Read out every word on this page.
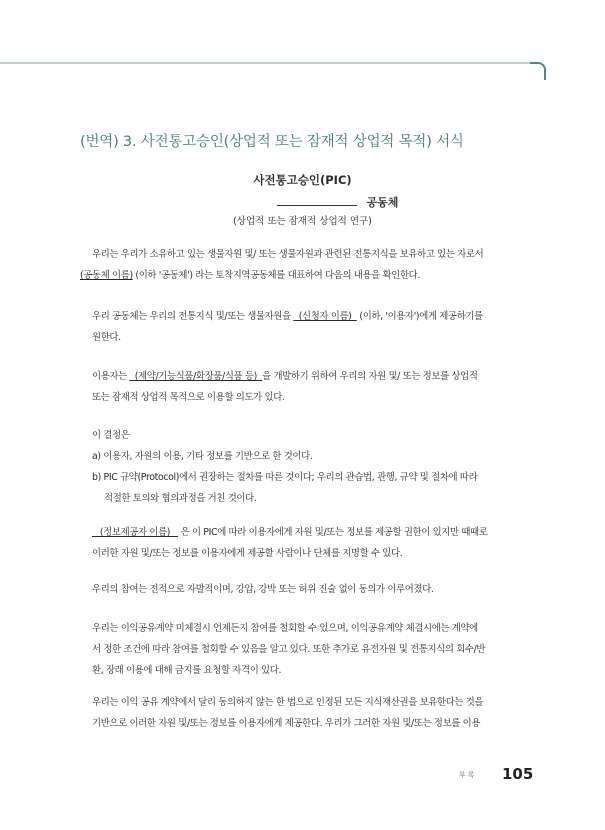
(번역) 3. 사전통고승인(상업적 또는 잠재적 상업적 목적) 서식
사전통고승인(PIC)
공동체
(상업적 또는 잠재적 상업적 연구)
우리는 우리가 소유하고 있는 생물자원 및/ 또는 생물자원과 관련된 전통지식을 보유하고 있는 자로서
(공동체 이름) (이하 '공동체') 라는 토착지역공동체를 대표하여 다음의 내용을 확인한다.
우리 공동체는 우리의 전통지식 및/또는 생물자원을   (신청자 이름)   (이하, '이용자')에게 제공하기를
원한다.
이용자는   (제약/기능식품/화장품/식품 등)  을 개발하기 위하여 우리의 자원 및/ 또는 정보를 상업적
또는 잠재적 상업적 목적으로 이용할 의도가 있다.
이 결정은
a) 이용자, 자원의 이용, 기타 정보를 기반으로 한 것이다.
b) PIC 규약(Protocol)에서 권장하는 절차를 따른 것이다; 우리의 관습법, 관행, 규약 및 절차에 따라
적절한 토의와 협의과정을 거친 것이다.
(정보제공자 이름)    은 이 PIC에 따라 이용자에게 자원 및/또는 정보를 제공할 권한이 있지만 때때로
이러한 자원 및/또는 정보를 이용자에게 제공할 사람이나 단체를 지명할 수 있다.
우리의 참여는 전적으로 자발적이며, 강압, 강박 또는 허위 진술 없이 동의가 이루어졌다.
우리는 이익공유계약 미체결시 언제든지 참여를 철회할 수 있으며, 이익공유계약 체결시에는 계약에
서 정한 조건에 따라 참여를 철회할 수 있음을 알고 있다. 또한 추가로 유전자원 및 전통지식의 회수/반
환, 장래 이용에 대해 금지를 요청할 자격이 있다.
우리는 이익 공유 계약에서 달리 동의하지 않는 한 법으로 인정된 모든 지식재산권을 보유한다는 것을
기반으로 이러한 자원 및/또는 정보를 이용자에게 제공한다. 우리가 그러한 자원 및/또는 정보를 이용
부록 105
